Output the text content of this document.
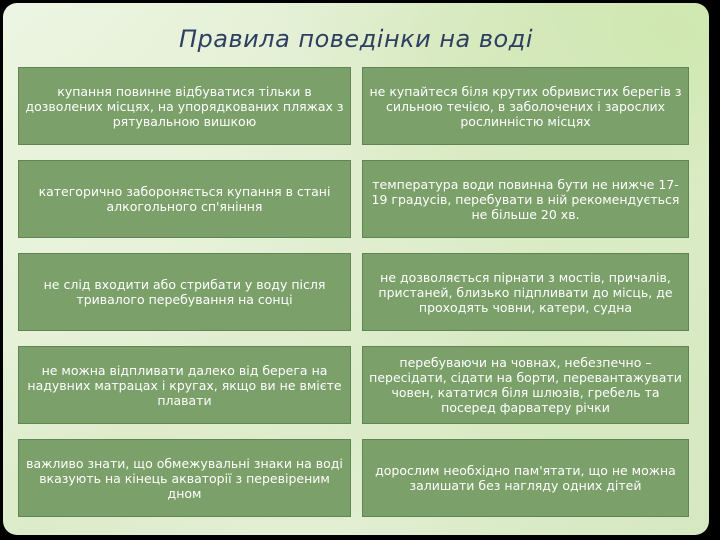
Правила поведінки на воді
купання повинне відбуватися тільки в дозволених місцях, на упорядкованих пляжах з рятувальною вишкою
не купайтеся біля крутих обривистих берегів з сильною течією, в заболочених і зарослих рослинністю місцях
категорично забороняється купання в стані алкогольного сп'яніння
температура води повинна бути не нижче 17-19 градусів, перебувати в ній рекомендується не більше 20 хв.
не слід входити або стрибати у воду після тривалого перебування на сонці
не дозволяється пірнати з мостів, причалів, пристаней, близько підпливати до місць, де проходять човни, катери, судна
не можна відпливати далеко від берега на надувних матрацах і кругах, якщо ви не вмієте плавати
перебуваючи на човнах, небезпечно – пересідати, сідати на борти, перевантажувати човен, кататися біля шлюзів, гребель та посеред фарватеру річки
важливо знати, що обмежувальні знаки на воді вказують на кінець акваторії з перевіреним дном
дорослим необхідно пам'ятати, що не можна залишати без нагляду одних дітей
